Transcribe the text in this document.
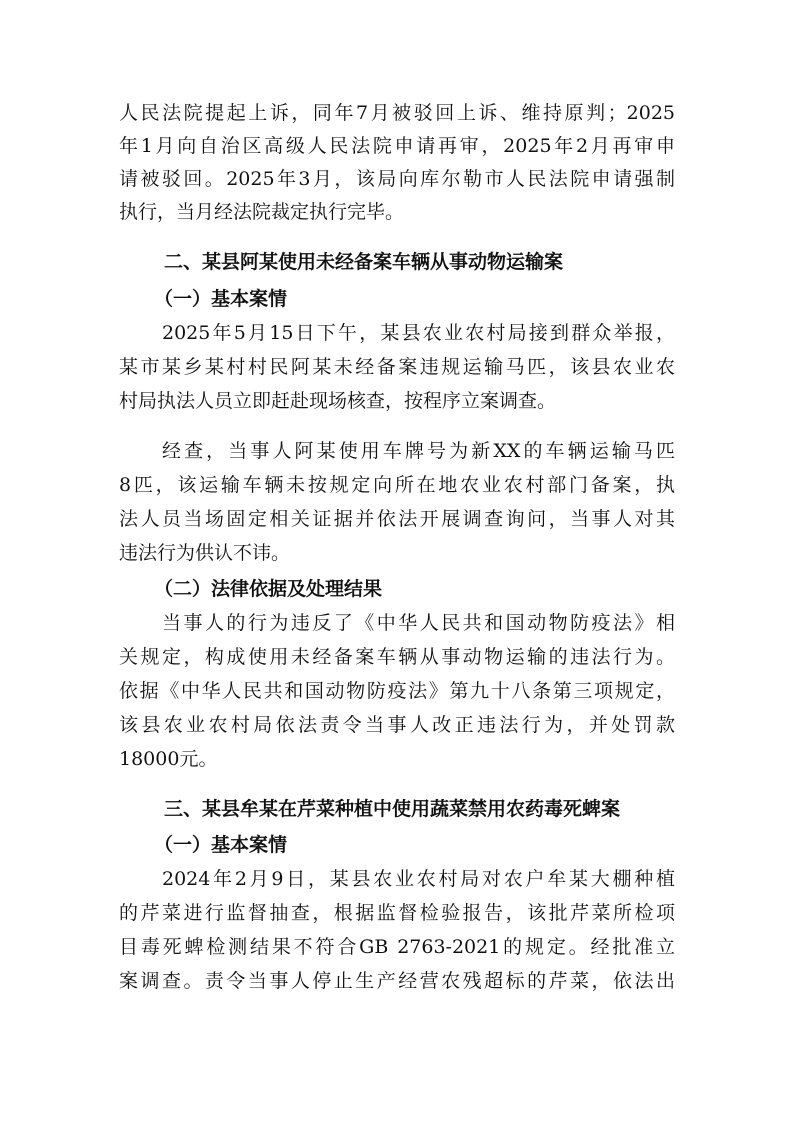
人民法院提起上诉，同年7月被驳回上诉、维持原判；2025
年1月向自治区高级人民法院申请再审，2025年2月再审申
请被驳回。2025年3月，该局向库尔勒市人民法院申请强制
执行，当月经法院裁定执行完毕。
二、某县阿某使用未经备案车辆从事动物运输案
（一）基本案情
2025年5月15日下午，某县农业农村局接到群众举报，
某市某乡某村村民阿某未经备案违规运输马匹，该县农业农
村局执法人员立即赶赴现场核查，按程序立案调查。
经查，当事人阿某使用车牌号为新XX的车辆运输马匹
8匹，该运输车辆未按规定向所在地农业农村部门备案，执
法人员当场固定相关证据并依法开展调查询问，当事人对其
违法行为供认不讳。
（二）法律依据及处理结果
当事人的行为违反了《中华人民共和国动物防疫法》相
关规定，构成使用未经备案车辆从事动物运输的违法行为。
依据《中华人民共和国动物防疫法》第九十八条第三项规定，
该县农业农村局依法责令当事人改正违法行为，并处罚款
18000元。
三、某县牟某在芹菜种植中使用蔬菜禁用农药毒死蜱案
（一）基本案情
2024年2月9日，某县农业农村局对农户牟某大棚种植
的芹菜进行监督抽查，根据监督检验报告，该批芹菜所检项
目毒死蜱检测结果不符合GB 2763-2021的规定。经批准立
案调查。责令当事人停止生产经营农残超标的芹菜，依法出
